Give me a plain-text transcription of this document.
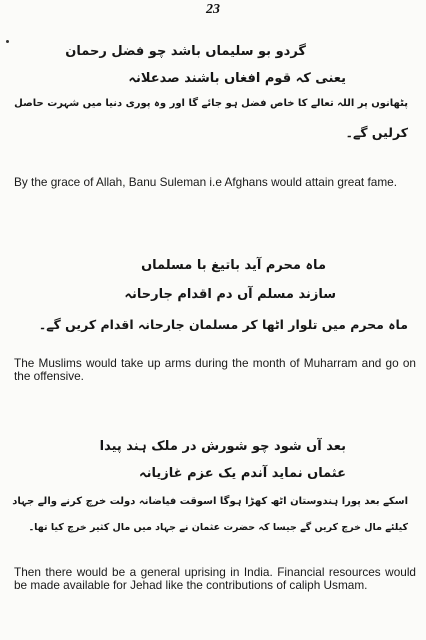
23
گردو بو سلیماں باشد چو فضل رحمان
یعنی کہ قوم افغاں باشند صدعلانہ
پٹھانوں پر اللہ تعالے کا خاص فضل ہو جائے گا اور وہ پوری دنیا میں شہرت حاصل
کرلیں گے۔
By the grace of Allah, Banu Suleman i.e Afghans would attain great fame.
ماہ محرم آید باتیغ با مسلماں
سازند مسلم آں دم اقدام جارحانہ
ماہ محرم میں تلوار اٹھا کر مسلمان جارحانہ اقدام کریں گے۔
The Muslims would take up arms during the month of Muharram and go on the offensive.
بعد آں شود چو شورش در ملک ہند پیدا
عثماں نماید آندم یک عزم غازیانہ
اسکے بعد پورا ہندوستان اٹھ کھڑا ہوگا اسوقت فیاضانہ دولت خرچ کرنے والے جہاد
کیلئے مال خرچ کریں گے جیسا کہ حضرت عثمان نے جہاد میں مال کثیر خرچ کیا تھا۔
Then there would be a general uprising in India. Financial resources would be made available for Jehad like the contributions of caliph Usmam.
